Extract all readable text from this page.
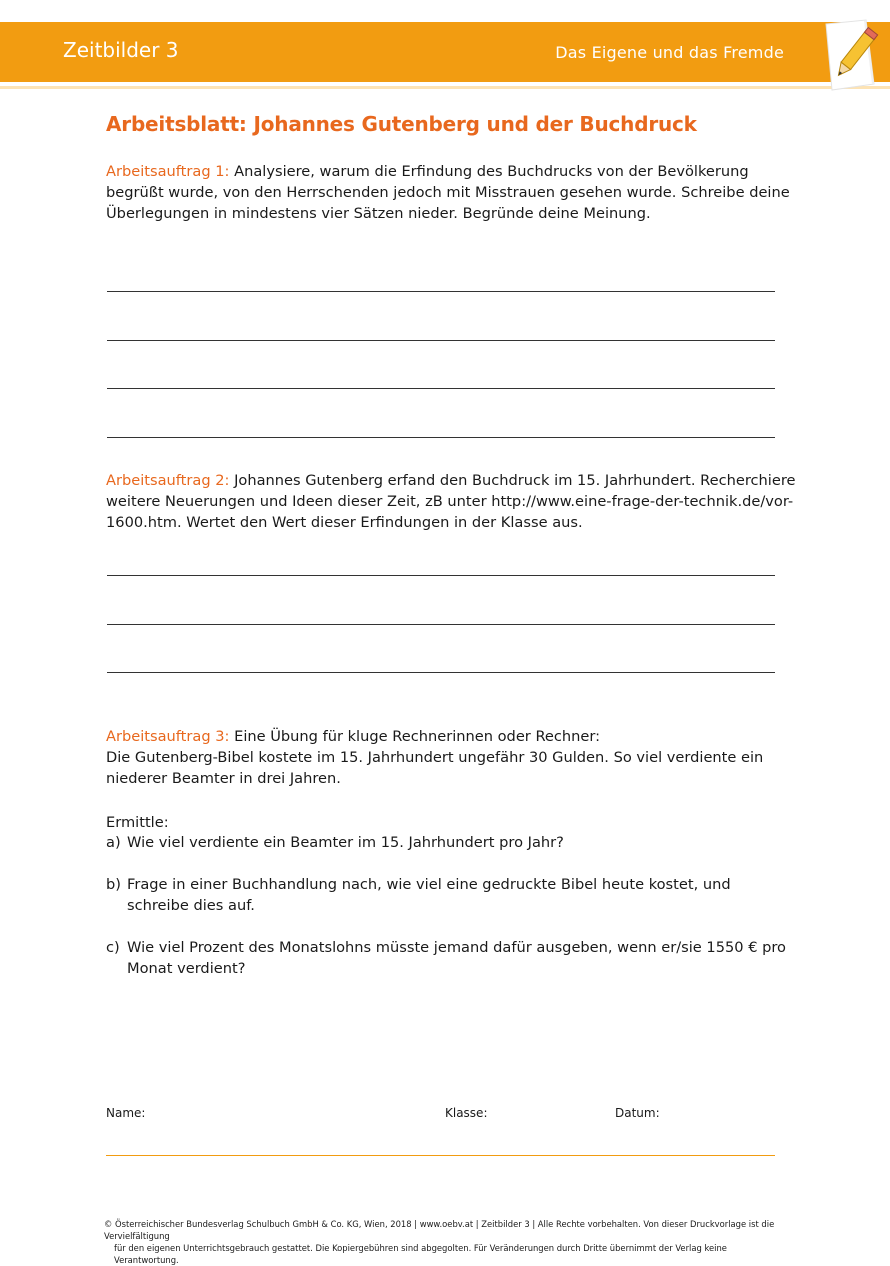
Zeitbilder 3	Das Eigene und das Fremde
Arbeitsblatt: Johannes Gutenberg und der Buchdruck
Arbeitsauftrag 1: Analysiere, warum die Erfindung des Buchdrucks von der Bevölkerung begrüßt wurde, von den Herrschenden jedoch mit Misstrauen gesehen wurde. Schreibe deine Überlegungen in mindestens vier Sätzen nieder. Begründe deine Meinung.
Arbeitsauftrag 2: Johannes Gutenberg erfand den Buchdruck im 15. Jahrhundert. Recherchiere weitere Neuerungen und Ideen dieser Zeit, zB unter http://www.eine-frage-der-technik.de/vor-1600.htm. Wertet den Wert dieser Erfindungen in der Klasse aus.
Arbeitsauftrag 3: Eine Übung für kluge Rechnerinnen oder Rechner:
Die Gutenberg-Bibel kostete im 15. Jahrhundert ungefähr 30 Gulden. So viel verdiente ein niederer Beamter in drei Jahren.
Ermittle:
a) Wie viel verdiente ein Beamter im 15. Jahrhundert pro Jahr?
b) Frage in einer Buchhandlung nach, wie viel eine gedruckte Bibel heute kostet, und schreibe dies auf.
c) Wie viel Prozent des Monatslohns müsste jemand dafür ausgeben, wenn er/sie 1550 € pro Monat verdient?
Name:	Klasse:	Datum:
© Österreichischer Bundesverlag Schulbuch GmbH & Co. KG, Wien, 2018 | www.oebv.at | Zeitbilder 3 | Alle Rechte vorbehalten. Von dieser Druckvorlage ist die Vervielfältigung
für den eigenen Unterrichtsgebrauch gestattet. Die Kopiergebühren sind abgegolten. Für Veränderungen durch Dritte übernimmt der Verlag keine Verantwortung.
